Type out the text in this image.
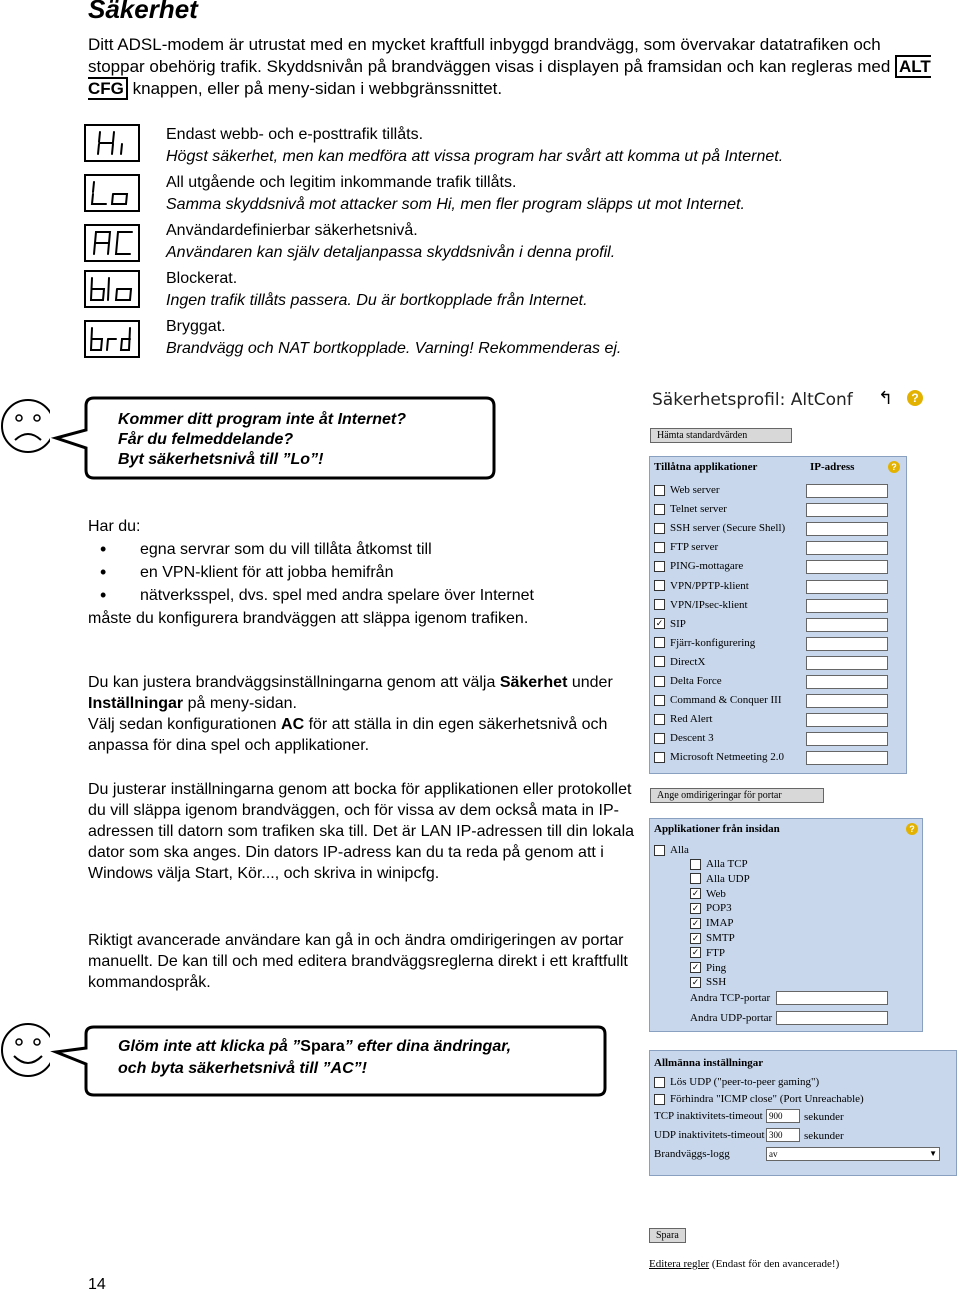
Säkerhet
Ditt ADSL-modem är utrustat med en mycket kraftfull inbyggd brandvägg, som övervakar datatrafiken och stoppar obehörig trafik. Skyddsnivån på brandväggen visas i displayen på framsidan och kan regleras med ALT CFG knappen, eller på meny-sidan i webbgränssnittet.
Endast webb- och e-posttrafik tillåts.
Högst säkerhet, men kan medföra att vissa program har svårt att komma ut på Internet.
All utgående och legitim inkommande trafik tillåts.
Samma skyddsnivå mot attacker som Hi, men fler program släpps ut mot Internet.
Användardefinierbar säkerhetsnivå.
Användaren kan själv detaljanpassa skyddsnivån i denna profil.
Blockerat.
Ingen trafik tillåts passera. Du är bortkopplade från Internet.
Bryggat.
Brandvägg och NAT bortkopplade. Varning! Rekommenderas ej.
Kommer ditt program inte åt Internet?
Får du felmeddelande?
Byt säkerhetsnivå till ”Lo”!
Har du:
• egna servrar som du vill tillåta åtkomst till
• en VPN-klient för att jobba hemifrån
• nätverksspel, dvs. spel med andra spelare över Internet
måste du konfigurera brandväggen att släppa igenom trafiken.
Du kan justera brandväggsinställningarna genom att välja Säkerhet under Inställningar på meny-sidan.
Välj sedan konfigurationen AC för att ställa in din egen säkerhetsnivå och anpassa för dina spel och applikationer.
Du justerar inställningarna genom att bocka för applikationen eller protokollet du vill släppa igenom brandväggen, och för vissa av dem också mata in IP-adressen till datorn som trafiken ska till. Det är LAN IP-adressen till din lokala dator som ska anges. Din dators IP-adress kan du ta reda på genom att i Windows välja Start, Kör..., och skriva in winipcfg.
Riktigt avancerade användare kan gå in och ändra omdirigeringen av portar manuellt. De kan till och med editera brandväggsreglerna direkt i ett kraftfullt kommandospråk.
Glöm inte att klicka på ”Spara” efter dina ändringar, och byta säkerhetsnivå till ”AC”!
14
Säkerhetsprofil: AltConf ↰	?
Hämta standardvärden
Tillåtna applikationer	IP-adress	?
Web server
Telnet server
SSH server (Secure Shell)
FTP server
PING-mottagare
VPN/PPTP-klient
VPN/IPsec-klient
✓ SIP
Fjärr-konfigurering
DirectX
Delta Force
Command & Conquer III
Red Alert
Descent 3
Microsoft Netmeeting 2.0
Ange omdirigeringar för portar
Applikationer från insidan	?
Alla
Alla TCP
Alla UDP
✓ Web
✓ POP3
✓ IMAP
✓ SMTP
✓ FTP
✓ Ping
✓ SSH
Andra TCP-portar
Andra UDP-portar
Allmänna inställningar
Lös UDP ("peer-to-peer gaming")
Förhindra "ICMP close" (Port Unreachable)
TCP inaktivitets-timeout 900	sekunder
UDP inaktivitets-timeout 300	sekunder
Brandväggs-logg	av	▼
Spara
Editera regler (Endast för den avancerade!)
